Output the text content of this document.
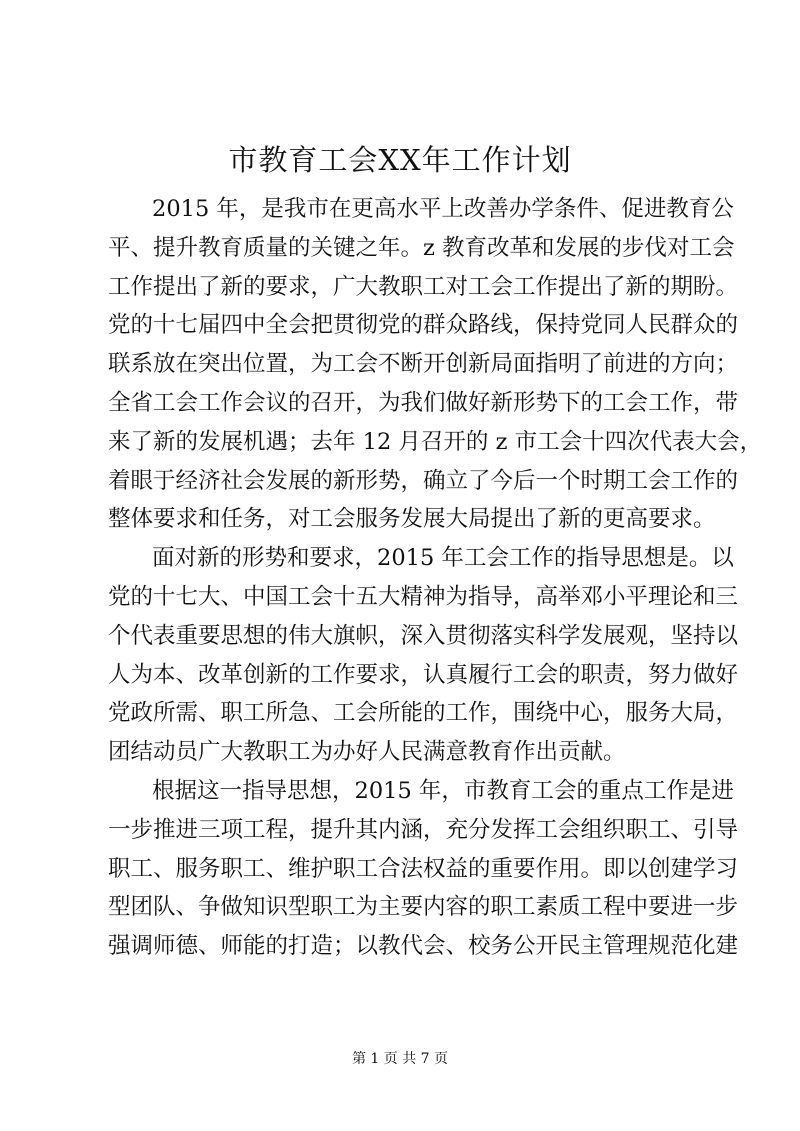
市教育工会XX年工作计划
2015 年，是我市在更高水平上改善办学条件、促进教育公
平、提升教育质量的关键之年。z 教育改革和发展的步伐对工会
工作提出了新的要求，广大教职工对工会工作提出了新的期盼。
党的十七届四中全会把贯彻党的群众路线，保持党同人民群众的
联系放在突出位置，为工会不断开创新局面指明了前进的方向；
全省工会工作会议的召开，为我们做好新形势下的工会工作，带
来了新的发展机遇；去年 12 月召开的 z 市工会十四次代表大会，
着眼于经济社会发展的新形势，确立了今后一个时期工会工作的
整体要求和任务，对工会服务发展大局提出了新的更高要求。
面对新的形势和要求，2015 年工会工作的指导思想是。以
党的十七大、中国工会十五大精神为指导，高举邓小平理论和三
个代表重要思想的伟大旗帜，深入贯彻落实科学发展观，坚持以
人为本、改革创新的工作要求，认真履行工会的职责，努力做好
党政所需、职工所急、工会所能的工作，围绕中心，服务大局，
团结动员广大教职工为办好人民满意教育作出贡献。
根据这一指导思想，2015 年，市教育工会的重点工作是进
一步推进三项工程，提升其内涵，充分发挥工会组织职工、引导
职工、服务职工、维护职工合法权益的重要作用。即以创建学习
型团队、争做知识型职工为主要内容的职工素质工程中要进一步
强调师德、师能的打造；以教代会、校务公开民主管理规范化建
第 1 页 共 7 页
